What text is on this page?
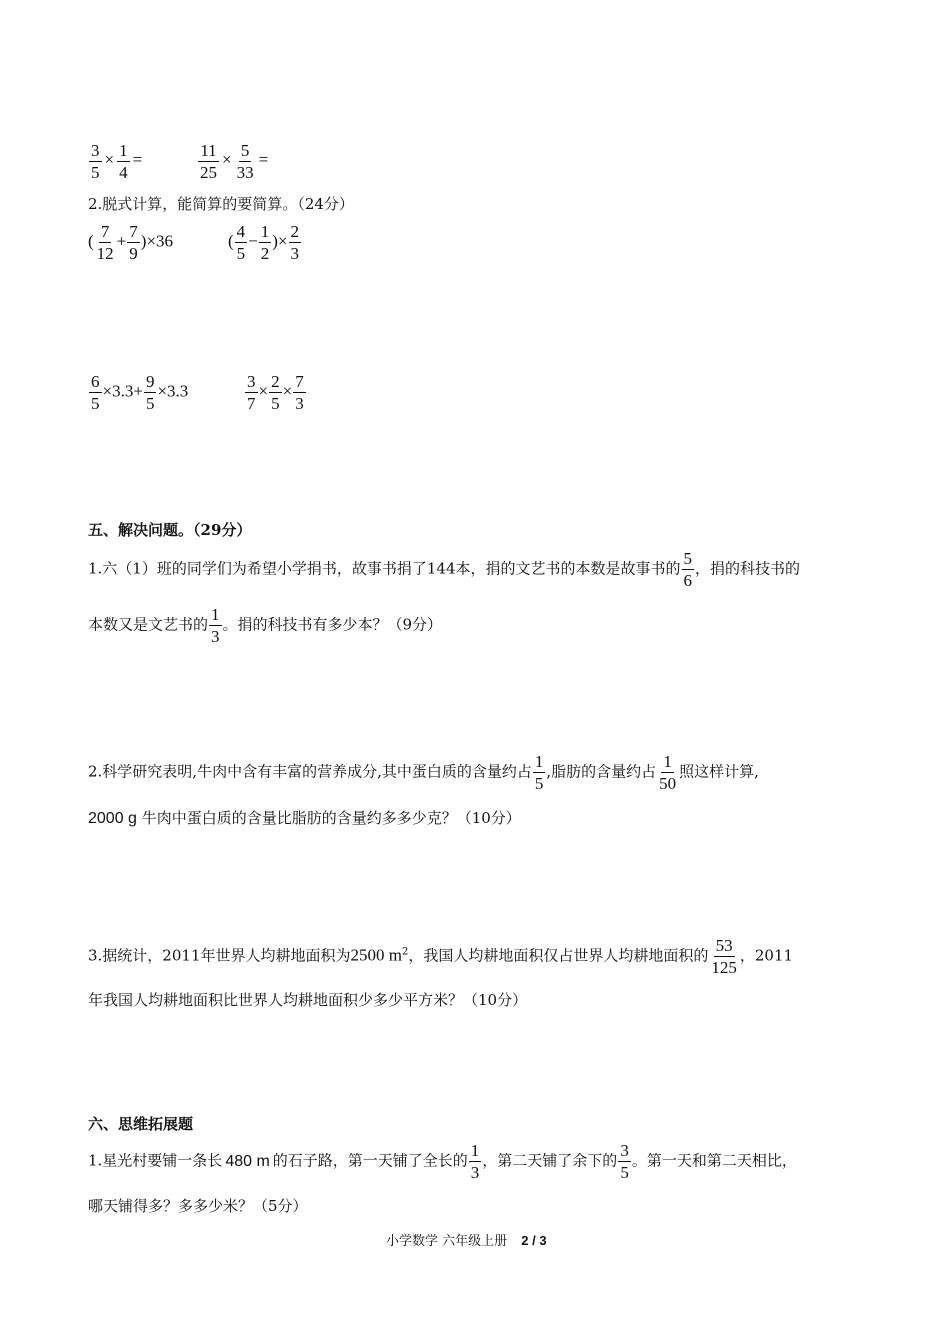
$\frac{3}{5} \times \frac{1}{4}$ =	$\frac{11}{25} \times \frac{5}{33}$ =
2.脱式计算，能简算的要简算。（24分）
( $\frac{7}{12} + \frac{7}{9} )\times 36$	( $\frac{4}{5} - \frac{1}{2}$ )× $\frac{2}{3}$
$\frac{6}{5} \times 3.3+ \frac{9}{5} \times 3.3$	$\frac{3}{7} \times \frac{2}{5} \times \frac{7}{3}$
五、解决问题。（29分）
1.六（1）班的同学们为希望小学捐书，故事书捐了144本，捐的文艺书的本数是故事书的 $\frac{5}{6}$ ，捐的科技书的
本数又是文艺书的 $\frac{1}{3}$ 。捐的科技书有多少本？（9分）
2.科学研究表明,牛肉中含有丰富的营养成分,其中蛋白质的含量约占 $\frac{1}{5}$ ,脂肪的含量约占 $\frac{1}{50}$ 照这样计算,
2000 g 牛肉中蛋白质的含量比脂肪的含量约多多少克？（10分）
3.据统计，2011年世界人均耕地面积为2500 $m^2$，我国人均耕地面积仅占世界人均耕地面积的 $\frac{53}{125}$ ，2011
年我国人均耕地面积比世界人均耕地面积少多少平方米？（10分）
六、思维拓展题
1.星光村要铺一条长 480 m 的石子路，第一天铺了全长的 $\frac{1}{3}$ ，第二天铺了余下的 $\frac{3}{5}$ 。第一天和第二天相比，
哪天铺得多？多多少米？（5分）
小学数学 六年级上册 2 / 3
